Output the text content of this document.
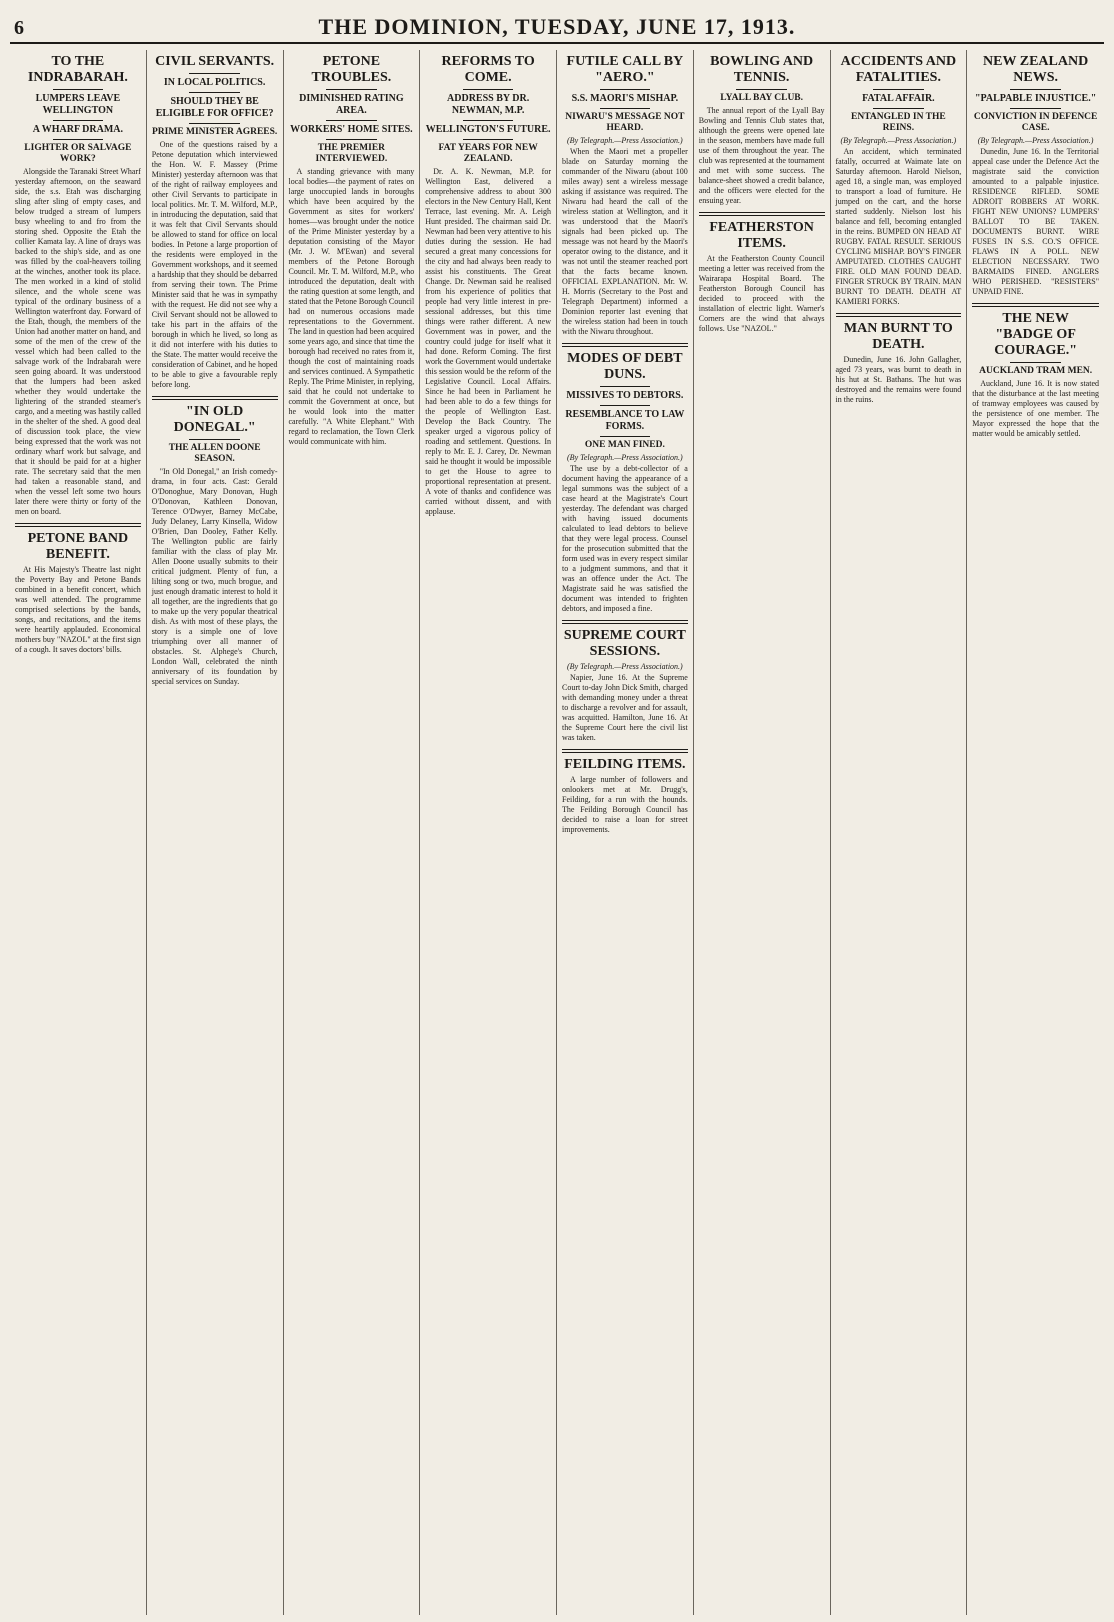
6	THE DOMINION, TUESDAY, JUNE 17, 1913.
TO THE INDRABARAH.
LUMPERS LEAVE WELLINGTON
A WHARF DRAMA.
LIGHTER OR SALVAGE WORK?

Alongside the Taranaki Street Wharf yesterday afternoon, on the seaward side, the s.s. Etah was discharging sling after sling of empty cases, and below trudged a stream of lumpers busy wheeling to and fro from the storing shed. Opposite the Etah the collier Kamata lay. A line of drays was backed to the ship's side, and as one was filled by the coal-heavers toiling at the winches, another took its place. The men worked in a kind of stolid silence, and the whole scene was typical of the ordinary business of a Wellington waterfront day. Forward of the Etah, though, the members of the Union had another matter on hand, and some of the men of the crew of the vessel which had been called to the salvage work of the Indrabarah were seen going aboard. It was understood that the lumpers had been asked whether they would undertake the lightering of the stranded steamer's cargo, and a meeting was hastily called in the shelter of the shed. A good deal of discussion took place, the view being expressed that the work was not ordinary wharf work but salvage, and that it should be paid for at a higher rate. The secretary said that the men had taken a reasonable stand, and when the vessel left some two hours later there were thirty or forty of the men on board.

PETONE BAND BENEFIT.

At His Majesty's Theatre last night the Poverty Bay and Petone Bands combined in a benefit concert, which was well attended. The programme comprised selections by the bands, songs, and recitations, and the items were heartily applauded. Economical mothers buy "NAZOL" at the first sign of a cough. It saves doctors' bills.

CIVIL SERVANTS.
IN LOCAL POLITICS.
SHOULD THEY BE ELIGIBLE FOR OFFICE?
PRIME MINISTER AGREES.

One of the questions raised by a Petone deputation which interviewed the Hon. W. F. Massey (Prime Minister) yesterday afternoon was that of the right of railway employees and other Civil Servants to participate in local politics. Mr. T. M. Wilford, M.P., in introducing the deputation, said that it was felt that Civil Servants should be allowed to stand for office on local bodies. In Petone a large proportion of the residents were employed in the Government workshops, and it seemed a hardship that they should be debarred from serving their town. The Prime Minister said that he was in sympathy with the request. He did not see why a Civil Servant should not be allowed to take his part in the affairs of the borough in which he lived, so long as it did not interfere with his duties to the State. The matter would receive the consideration of Cabinet, and he hoped to be able to give a favourable reply before long.

"IN OLD DONEGAL."
THE ALLEN DOONE SEASON.

"In Old Donegal," an Irish comedy-drama, in four acts. Cast: Gerald O'Donoghue, Mary Donovan, Hugh O'Donovan, Kathleen Donovan, Terence O'Dwyer, Barney McCabe, Judy Delaney, Larry Kinsella, Widow O'Brien, Dan Dooley, Father Kelly. The Wellington public are fairly familiar with the class of play Mr. Allen Doone usually submits to their critical judgment. Plenty of fun, a lilting song or two, much brogue, and just enough dramatic interest to hold it all together, are the ingredients that go to make up the very popular theatrical dish. As with most of these plays, the story is a simple one of love triumphing over all manner of obstacles. St. Alphege's Church, London Wall, celebrated the ninth anniversary of its foundation by special services on Sunday.

PETONE TROUBLES.
DIMINISHED RATING AREA.
WORKERS' HOME SITES.
THE PREMIER INTERVIEWED.

A standing grievance with many local bodies—the payment of rates on large unoccupied lands in boroughs which have been acquired by the Government as sites for workers' homes—was brought under the notice of the Prime Minister yesterday by a deputation consisting of the Mayor (Mr. J. W. M'Ewan) and several members of the Petone Borough Council. Mr. T. M. Wilford, M.P., who introduced the deputation, dealt with the rating question at some length, and stated that the Petone Borough Council had on numerous occasions made representations to the Government. The land in question had been acquired some years ago, and since that time the borough had received no rates from it, though the cost of maintaining roads and services continued. A Sympathetic Reply. The Prime Minister, in replying, said that he could not undertake to commit the Government at once, but he would look into the matter carefully. "A White Elephant." With regard to reclamation, the Town Clerk would communicate with him.

REFORMS TO COME.
ADDRESS BY DR. NEWMAN, M.P.
WELLINGTON'S FUTURE.
FAT YEARS FOR NEW ZEALAND.

Dr. A. K. Newman, M.P. for Wellington East, delivered a comprehensive address to about 300 electors in the New Century Hall, Kent Terrace, last evening. Mr. A. Leigh Hunt presided. The chairman said Dr. Newman had been very attentive to his duties during the session. He had secured a great many concessions for the city and had always been ready to assist his constituents. The Great Change. Dr. Newman said he realised from his experience of politics that people had very little interest in pre-sessional addresses, but this time things were rather different. A new Government was in power, and the country could judge for itself what it had done. Reform Coming. The first work the Government would undertake this session would be the reform of the Legislative Council. Local Affairs. Since he had been in Parliament he had been able to do a few things for the people of Wellington East. Develop the Back Country. The speaker urged a vigorous policy of roading and settlement. Questions. In reply to Mr. E. J. Carey, Dr. Newman said he thought it would be impossible to get the House to agree to proportional representation at present. A vote of thanks and confidence was carried without dissent, and with applause.

FUTILE CALL BY "AERO."
S.S. MAORI'S MISHAP.
NIWARU'S MESSAGE NOT HEARD.
(By Telegraph.—Press Association.)

When the Maori met a propeller blade on Saturday morning the commander of the Niwaru (about 100 miles away) sent a wireless message asking if assistance was required. The Niwaru had heard the call of the wireless station at Wellington, and it was understood that the Maori's signals had been picked up. The message was not heard by the Maori's operator owing to the distance, and it was not until the steamer reached port that the facts became known. OFFICIAL EXPLANATION. Mr. W. H. Morris (Secretary to the Post and Telegraph Department) informed a Dominion reporter last evening that the wireless station had been in touch with the Niwaru throughout.

MODES OF DEBT DUNS.
MISSIVES TO DEBTORS.
RESEMBLANCE TO LAW FORMS.
ONE MAN FINED.
(By Telegraph.—Press Association.)

The use by a debt-collector of a document having the appearance of a legal summons was the subject of a case heard at the Magistrate's Court yesterday. The defendant was charged with having issued documents calculated to lead debtors to believe that they were legal process. Counsel for the prosecution submitted that the form used was in every respect similar to a judgment summons, and that it was an offence under the Act. The Magistrate said he was satisfied the document was intended to frighten debtors, and imposed a fine.

SUPREME COURT SESSIONS.
(By Telegraph.—Press Association.)

Napier, June 16. At the Supreme Court to-day John Dick Smith, charged with demanding money under a threat to discharge a revolver and for assault, was acquitted. Hamilton, June 16. At the Supreme Court here the civil list was taken.

FEILDING ITEMS.

A large number of followers and onlookers met at Mr. Drugg's, Feilding, for a run with the hounds. The Feilding Borough Council has decided to raise a loan for street improvements.

BOWLING AND TENNIS.
LYALL BAY CLUB.

The annual report of the Lyall Bay Bowling and Tennis Club states that, although the greens were opened late in the season, members have made full use of them throughout the year. The club was represented at the tournament and met with some success. The balance-sheet showed a credit balance, and the officers were elected for the ensuing year.

FEATHERSTON ITEMS.

At the Featherston County Council meeting a letter was received from the Wairarapa Hospital Board. The Featherston Borough Council has decided to proceed with the installation of electric light. Warner's Corners are the wind that always follows. Use "NAZOL."

ACCIDENTS AND FATALITIES.
FATAL AFFAIR.
ENTANGLED IN THE REINS.
(By Telegraph.—Press Association.)

An accident, which terminated fatally, occurred at Waimate late on Saturday afternoon. Harold Nielson, aged 18, a single man, was employed to transport a load of furniture. He jumped on the cart, and the horse started suddenly. Nielson lost his balance and fell, becoming entangled in the reins. BUMPED ON HEAD AT RUGBY. FATAL RESULT. SERIOUS CYCLING MISHAP. BOY'S FINGER AMPUTATED. CLOTHES CAUGHT FIRE. OLD MAN FOUND DEAD. FINGER STRUCK BY TRAIN. MAN BURNT TO DEATH. DEATH AT KAMIERI FORKS.

MAN BURNT TO DEATH.

Dunedin, June 16. John Gallagher, aged 73 years, was burnt to death in his hut at St. Bathans. The hut was destroyed and the remains were found in the ruins.

NEW ZEALAND NEWS.
"PALPABLE INJUSTICE."
CONVICTION IN DEFENCE CASE.
(By Telegraph.—Press Association.)

Dunedin, June 16. In the Territorial appeal case under the Defence Act the magistrate said the conviction amounted to a palpable injustice. RESIDENCE RIFLED. SOME ADROIT ROBBERS AT WORK. FIGHT NEW UNIONS? LUMPERS' BALLOT TO BE TAKEN. DOCUMENTS BURNT. WIRE FUSES IN S.S. CO.'S OFFICE. FLAWS IN A POLL. NEW ELECTION NECESSARY. TWO BARMAIDS FINED. ANGLERS WHO PERISHED. "RESISTERS" UNPAID FINE.

THE NEW "BADGE OF COURAGE."
AUCKLAND TRAM MEN.

Auckland, June 16. It is now stated that the disturbance at the last meeting of tramway employees was caused by the persistence of one member. The Mayor expressed the hope that the matter would be amicably settled.
